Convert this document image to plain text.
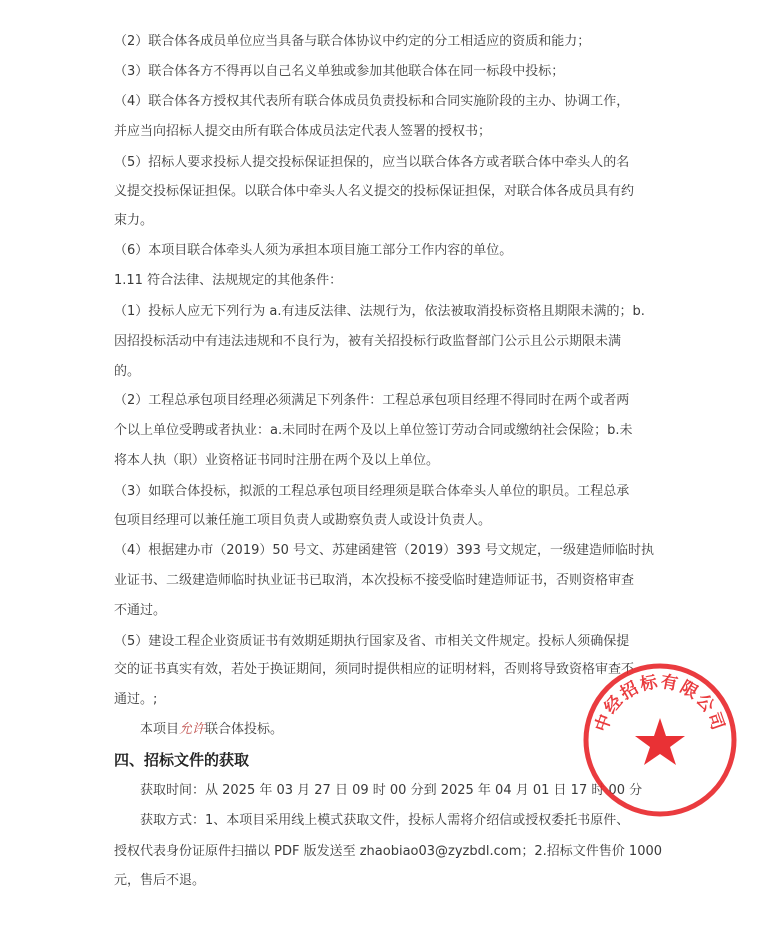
（2）联合体各成员单位应当具备与联合体协议中约定的分工相适应的资质和能力；
（3）联合体各方不得再以自己名义单独或参加其他联合体在同一标段中投标；
（4）联合体各方授权其代表所有联合体成员负责投标和合同实施阶段的主办、协调工作，
并应当向招标人提交由所有联合体成员法定代表人签署的授权书；
（5）招标人要求投标人提交投标保证担保的，应当以联合体各方或者联合体中牵头人的名
义提交投标保证担保。以联合体中牵头人名义提交的投标保证担保，对联合体各成员具有约
束力。
（6）本项目联合体牵头人须为承担本项目施工部分工作内容的单位。
1.11 符合法律、法规规定的其他条件：
（1）投标人应无下列行为 a.有违反法律、法规行为，依法被取消投标资格且期限未满的；b.
因招投标活动中有违法违规和不良行为，被有关招投标行政监督部门公示且公示期限未满
的。
（2）工程总承包项目经理必须满足下列条件：工程总承包项目经理不得同时在两个或者两
个以上单位受聘或者执业：a.未同时在两个及以上单位签订劳动合同或缴纳社会保险；b.未
将本人执（职）业资格证书同时注册在两个及以上单位。
（3）如联合体投标，拟派的工程总承包项目经理须是联合体牵头人单位的职员。工程总承
包项目经理可以兼任施工项目负责人或勘察负责人或设计负责人。
（4）根据建办市（2019）50 号文、苏建函建管（2019）393 号文规定，一级建造师临时执
业证书、二级建造师临时执业证书已取消，本次投标不接受临时建造师证书，否则资格审查
不通过。
（5）建设工程企业资质证书有效期延期执行国家及省、市相关文件规定。投标人须确保提
交的证书真实有效，若处于换证期间，须同时提供相应的证明材料，否则将导致资格审查不
通过。;
本项目允许联合体投标。
四、招标文件的获取
获取时间：从 2025 年 03 月 27 日 09 时 00 分到 2025 年 04 月 01 日 17 时 00 分
获取方式：1、本项目采用线上模式获取文件，投标人需将介绍信或授权委托书原件、
授权代表身份证原件扫描以 PDF 版发送至 zhaobiao03@zyzbdl.com；2.招标文件售价 1000
元，售后不退。
中经招标有限公司
